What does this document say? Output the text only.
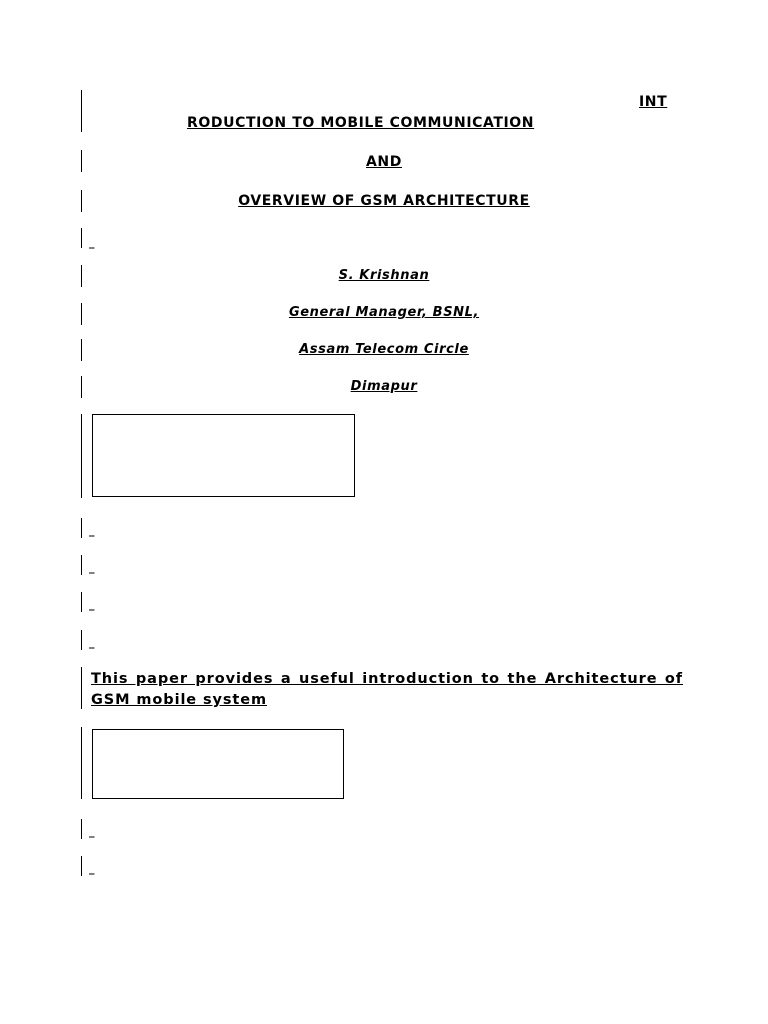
INT
RODUCTION TO MOBILE COMMUNICATION
AND
OVERVIEW OF GSM ARCHITECTURE
_
S. Krishnan
General Manager, BSNL,
Assam Telecom Circle
Dimapur
_
_
_
_
This paper provides a useful introduction to the Architecture of GSM mobile system
_
_
